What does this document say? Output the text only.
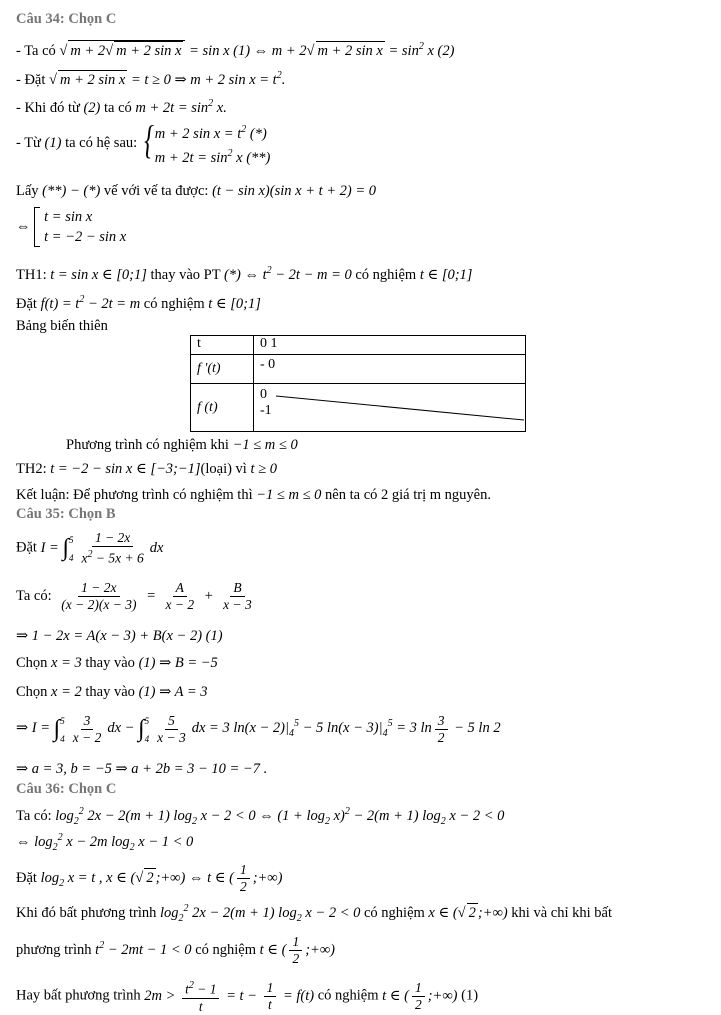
Câu 34: Chọn C
- Ta có √ m + 2√ m + 2 sin x = sin x (1) ⇔ m + 2√ m + 2 $\sin x = \sin^2 x$ (2)
- Đặt √ m + 2 sin x = t ≥ 0 ⇒ m + 2 $\sin x = t^2$.
- Khi đó từ (2) ta có $m + 2t = \sin^2 x$.
- Từ (1) ta có hệ sau: { m + 2 $\sin x = t^2$ (*)
$m + 2t = \sin^2 x$ (**)
Lấy (**) − (*) vế với vế ta được: (t − sin x)(sin x + t + 2) = 0
⇔
t = sin x
t = −2 − sin x
TH1: t = sin x ∈ [0;1] thay vào PT (*) ⇔ $t^2 - 2t - m = 0$ có nghiệm t ∈ [0;1]
Đặt $f(t) = t^2 - 2t = m$ có nghiệm t ∈ [0;1]
Bảng biến thiên
t	0 1
f '(t)	- 0
f (t)	0
-1
Phương trình có nghiệm khi −1 ≤ m ≤ 0
TH2: t = −2 − sin x ∈ [−3;−1](loại) vì t ≥ 0
Kết luận: Để phương trình có nghiệm thì −1 ≤ m ≤ 0 nên ta có 2 giá trị m nguyên.
Câu 35: Chọn B
Đặt I = ∫ 5
$4 \frac{1 - 2x}{x^2 - 5x + 6}$ dx
Ta có: $\frac{1 - 2x}{(x - 2)(x - 3)} = \frac{A}{x - 2} + \frac{B}{x - 3}$
⇒ 1 − 2x = A(x − 3) + B(x − 2) (1)
Chọn x = 3 thay vào (1) ⇒ B = −5
Chọn x = 2 thay vào (1) ⇒ A = 3
⇒ I = ∫ 5
$4 \frac{3}{x - 2}$ dx − ∫ 5
$4 \frac{5}{x - 3}$ dx = 3 $\ln(x - 2)|_4^5 - 5$ $\ln(x - 3)|_4^5 = 3$ $\ln \frac{3}{2} - 5$ ln 2
⇒ a = 3, b = −5 ⇒ a + 2b = 3 − 10 = −7 .
Câu 36: Chọn C
Ta có: $\log_2^2 2x - 2(m + 1)$ $\log_2 x - 2 < 0$ ⇔ $(1 + \log_2 x)^2 - 2(m + 1)$ $\log_2 x - 2 < 0$
⇔ $\log_2^2 x - 2m$ $\log_2 x - 1 < 0$
Đặt $\log_2 x = t$ , x ∈ (√ 2 ;+∞) ⇔ t ∈ ( $\frac{1}{2}$ ;+∞)
Khi đó bất phương trình $\log_2^2 2x - 2(m + 1)$ $\log_2 x - 2 < 0$ có nghiệm x ∈ (√ 2 ;+∞) khi và chỉ khi bất
phương trình $t^2 - 2mt - 1 < 0$ có nghiệm t ∈ ( $\frac{1}{2}$ ;+∞)
Hay bất phương trình $2m > \frac{t^2 - 1}{t} = t - \frac{1}{t} = f(t)$ có nghiệm t ∈ ( $\frac{1}{2}$ ;+∞) (1)
